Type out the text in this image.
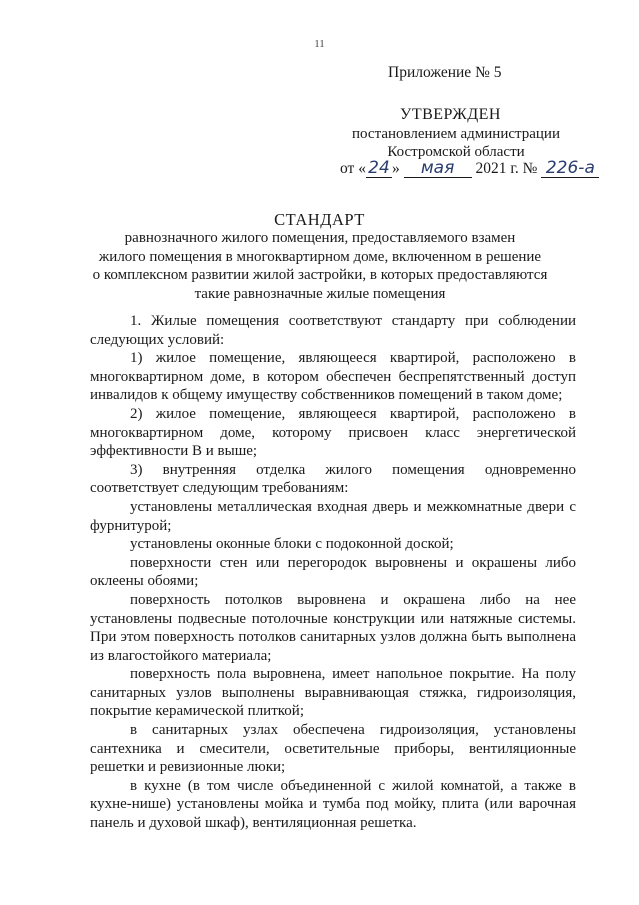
11
Приложение № 5
УТВЕРЖДЕН
постановлением администрации
Костромской области
от « 24 » мая 2021 г. № 226-а
СТАНДАРТ
равнозначного жилого помещения, предоставляемого взамен
жилого помещения в многоквартирном доме, включенном в решение
о комплексном развитии жилой застройки, в которых предоставляются
такие равнозначные жилые помещения

1. Жилые помещения соответствуют стандарту при соблюдении следующих условий:

1) жилое помещение, являющееся квартирой, расположено в многоквартирном доме, в котором обеспечен беспрепятственный доступ инвалидов к общему имуществу собственников помещений в таком доме;

2) жилое помещение, являющееся квартирой, расположено в многоквартирном доме, которому присвоен класс энергетической эффективности В и выше;

3) внутренняя отделка жилого помещения одновременно соответствует следующим требованиям:

установлены металлическая входная дверь и межкомнатные двери с фурнитурой;

установлены оконные блоки с подоконной доской;

поверхности стен или перегородок выровнены и окрашены либо оклеены обоями;

поверхность потолков выровнена и окрашена либо на нее установлены подвесные потолочные конструкции или натяжные системы. При этом поверхность потолков санитарных узлов должна быть выполнена из влагостойкого материала;

поверхность пола выровнена, имеет напольное покрытие. На полу санитарных узлов выполнены выравнивающая стяжка, гидроизоляция, покрытие керамической плиткой;

в санитарных узлах обеспечена гидроизоляция, установлены сантехника и смесители, осветительные приборы, вентиляционные решетки и ревизионные люки;

в кухне (в том числе объединенной с жилой комнатой, а также в кухне-нише) установлены мойка и тумба под мойку, плита (или варочная панель и духовой шкаф), вентиляционная решетка.
